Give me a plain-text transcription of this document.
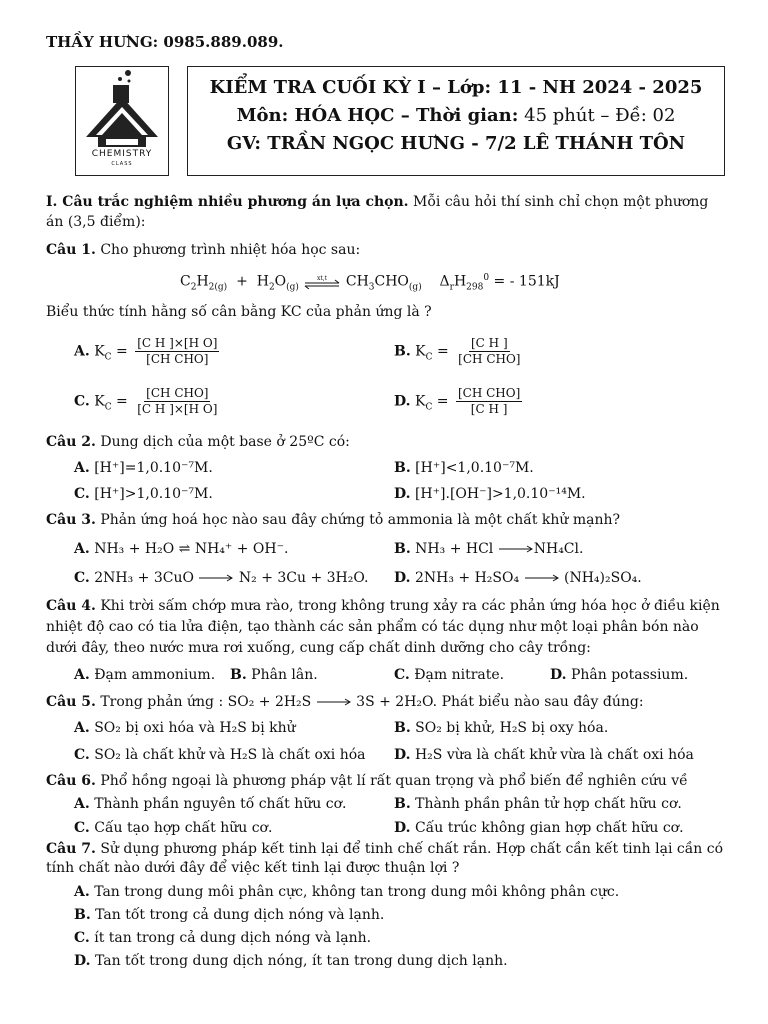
THẦY HƯNG: 0985.889.089.
CHEMISTRY
CLASS
KIỂM TRA CUỐI KỲ I – Lớp: 11 - NH 2024 - 2025
Môn: HÓA HỌC – Thời gian: 45 phút – Đề: 02
GV: TRẦN NGỌC HƯNG - 7/2 LÊ THÁNH TÔN
I. Câu trắc nghiệm nhiều phương án lựa chọn. Mỗi câu hỏi thí sinh chỉ chọn một phương án (3,5 điểm):
Câu 1. Cho phương trình nhiệt hóa học sau:
$C_2H_{2(g)} + H_2O_{(g)}$
xt,t $CH_3CHO_{(g)}$    $\Delta_rH_{298}^0$ = - 151kJ
Biểu thức tính hằng số cân bằng KC của phản ứng là ?
A. $K_C = \frac{\text{[C H ]×[H O]}}{\text{[CH CHO]}}$	B. $K_C = \frac{\text{[C H ]}}{\text{[CH CHO]}}$
C. $K_C = \frac{\text{[CH CHO]}}{\text{[C H ]×[H O]}}$	D. $K_C = \frac{\text{[CH CHO]}}{\text{[C H ]}}$
Câu 2. Dung dịch của một base ở 25ºC có:
A. [H⁺]=1,0.10⁻⁷M.	B. [H⁺]<1,0.10⁻⁷M.
C. [H⁺]>1,0.10⁻⁷M.	D. [H⁺].[OH⁻]>1,0.10⁻¹⁴M.
Câu 3. Phản ứng hoá học nào sau đây chứng tỏ ammonia là một chất khử mạnh?
A. NH₃ + H₂O ⇌ NH₄⁺ + OH⁻.	B. NH₃ + HCl →NH₄Cl.
C. 2NH₃ + 3CuO → N₂ + 3Cu + 3H₂O. D. 2NH₃ + H₂SO₄ → (NH₄)₂SO₄.
Câu 4. Khi trời sấm chớp mưa rào, trong không trung xảy ra các phản ứng hóa học ở điều kiện nhiệt độ cao có tia lửa điện, tạo thành các sản phẩm có tác dụng như một loại phân bón nào dưới đây, theo nước mưa rơi xuống, cung cấp chất dinh dưỡng cho cây trồng:
A. Đạm ammonium. B. Phân lân.	C. Đạm nitrate.	D. Phân potassium.
Câu 5. Trong phản ứng : SO₂ + 2H₂S → 3S + 2H₂O. Phát biểu nào sau đây đúng:
A. SO₂ bị oxi hóa và H₂S bị khử	B. SO₂ bị khử, H₂S bị oxy hóa.
C. SO₂ là chất khử và H₂S là chất oxi hóa D. H₂S vừa là chất khử vừa là chất oxi hóa
Câu 6. Phổ hồng ngoại là phương pháp vật lí rất quan trọng và phổ biến để nghiên cứu về
A. Thành phần nguyên tố chất hữu cơ.	B. Thành phần phân tử hợp chất hữu cơ.
C. Cấu tạo hợp chất hữu cơ.	D. Cấu trúc không gian hợp chất hữu cơ.
Câu 7. Sử dụng phương pháp kết tinh lại để tinh chế chất rắn. Hợp chất cần kết tinh lại cần có tính chất nào dưới đây để việc kết tinh lại được thuận lợi ?
A. Tan trong dung môi phân cực, không tan trong dung môi không phân cực.
B. Tan tốt trong cả dung dịch nóng và lạnh.
C. ít tan trong cả dung dịch nóng và lạnh.
D. Tan tốt trong dung dịch nóng, ít tan trong dung dịch lạnh.
